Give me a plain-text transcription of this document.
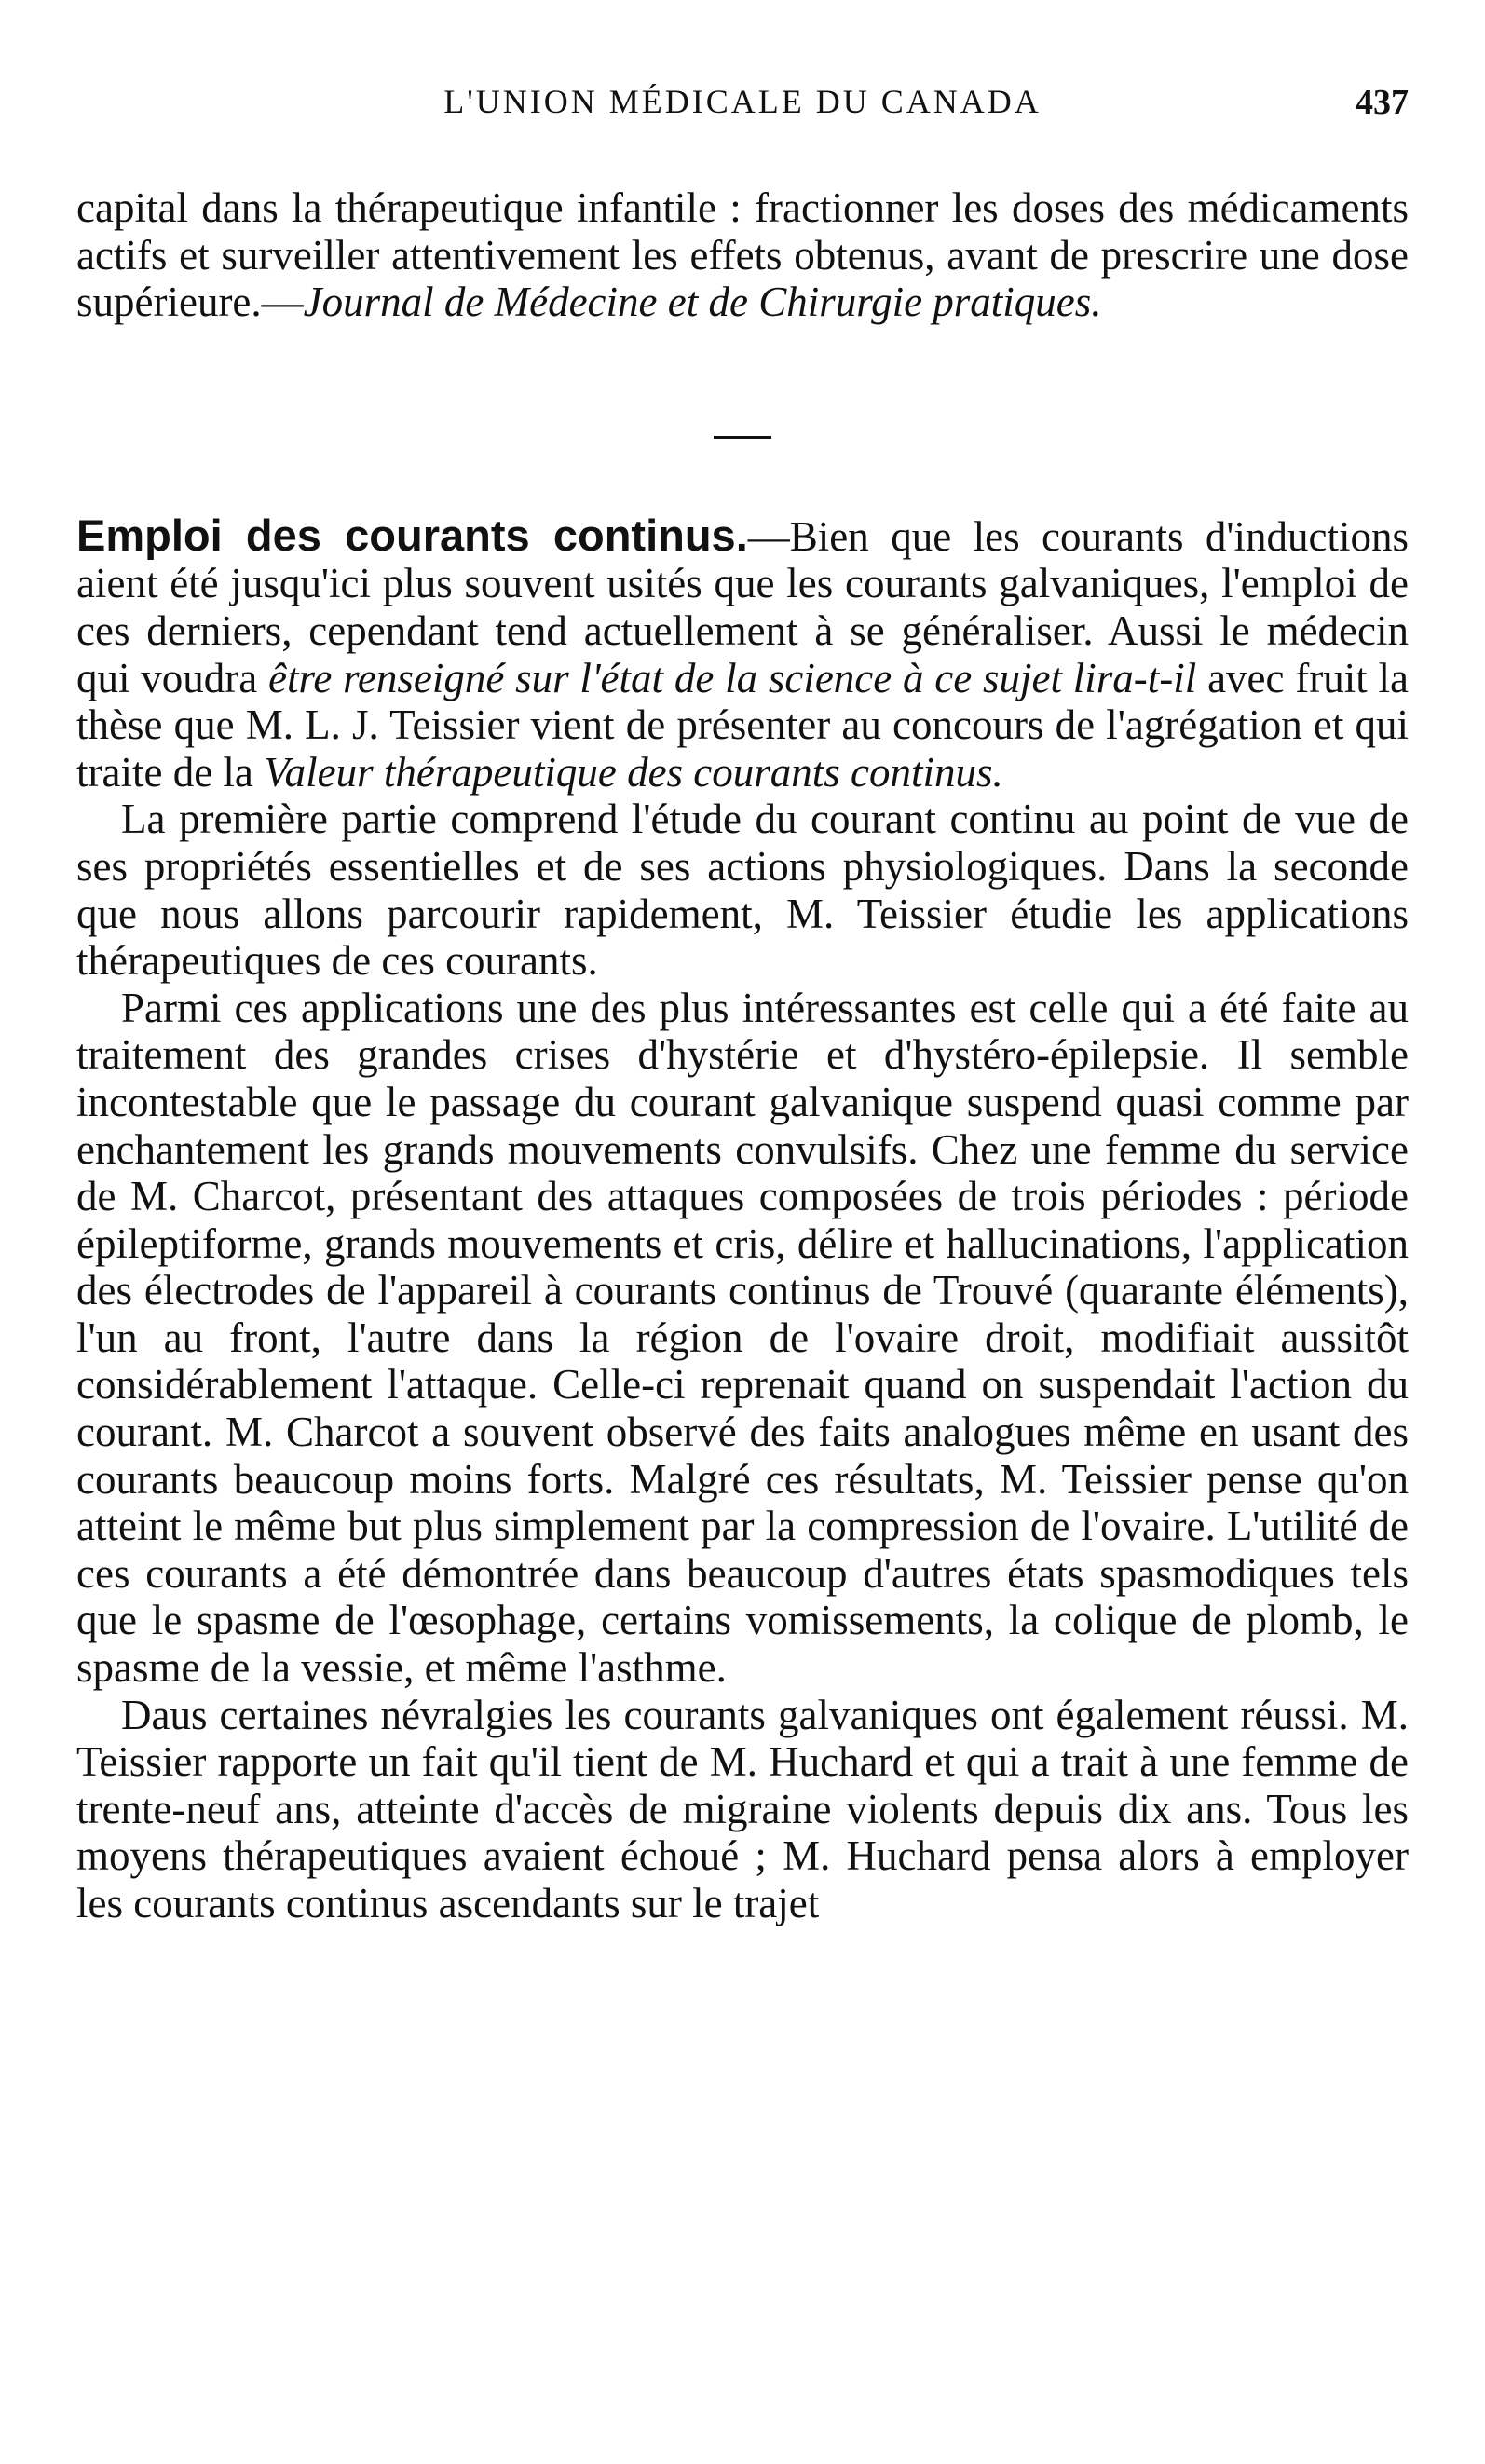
L'UNION MÉDICALE DU CANADA	437

capital dans la thérapeutique infantile : fractionner les doses des médicaments actifs et surveiller attentivement les effets obtenus, avant de prescrire une dose supérieure.—Journal de Médecine et de Chirurgie pratiques.

Emploi des courants continus.—Bien que les courants d'inductions aient été jusqu'ici plus souvent usités que les courants galvaniques, l'emploi de ces derniers, cependant tend actuellement à se généraliser. Aussi le médecin qui voudra être renseigné sur l'état de la science à ce sujet lira-t-il avec fruit la thèse que M. L. J. Teissier vient de présenter au concours de l'agrégation et qui traite de la Valeur thérapeutique des courants continus.

La première partie comprend l'étude du courant continu au point de vue de ses propriétés essentielles et de ses actions physiologiques. Dans la seconde que nous allons parcourir rapidement, M. Teissier étudie les applications thérapeutiques de ces courants.

Parmi ces applications une des plus intéressantes est celle qui a été faite au traitement des grandes crises d'hystérie et d'hystéro-épilepsie. Il semble incontestable que le passage du courant galvanique suspend quasi comme par enchantement les grands mouvements convulsifs. Chez une femme du service de M. Charcot, présentant des attaques composées de trois périodes : période épileptiforme, grands mouvements et cris, délire et hallucinations, l'application des électrodes de l'appareil à courants continus de Trouvé (quarante éléments), l'un au front, l'autre dans la région de l'ovaire droit, modifiait aussitôt considérablement l'attaque. Celle-ci reprenait quand on suspendait l'action du courant. M. Charcot a souvent observé des faits analogues même en usant des courants beaucoup moins forts. Malgré ces résultats, M. Teissier pense qu'on atteint le même but plus simplement par la compression de l'ovaire. L'utilité de ces courants a été démontrée dans beaucoup d'autres états spasmodiques tels que le spasme de l'œsophage, certains vomissements, la colique de plomb, le spasme de la vessie, et même l'asthme.

Daus certaines névralgies les courants galvaniques ont également réussi. M. Teissier rapporte un fait qu'il tient de M. Huchard et qui a trait à une femme de trente-neuf ans, atteinte d'accès de migraine violents depuis dix ans. Tous les moyens thérapeutiques avaient échoué ; M. Huchard pensa alors à employer les courants continus ascendants sur le trajet
